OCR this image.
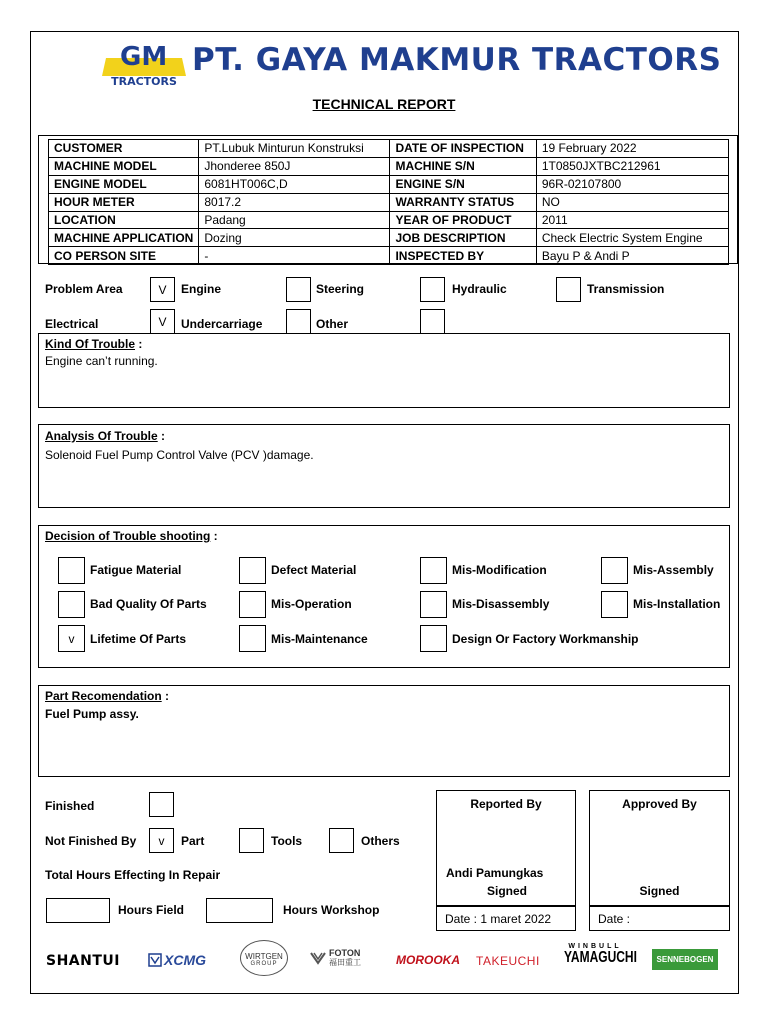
GM
TRACTORS
PT. GAYA MAKMUR TRACTORS
TECHNICAL REPORT
CUSTOMER	PT.Lubuk Minturun Konstruksi	DATE OF INSPECTION	19 February 2022
MACHINE MODEL	Jhonderee 850J	MACHINE S/N	1T0850JXTBC212961
ENGINE MODEL	6081HT006C,D	ENGINE S/N	96R-02107800
HOUR METER	8017.2	WARRANTY STATUS	NO
LOCATION	Padang	YEAR OF PRODUCT	2011
MACHINE APPLICATION	Dozing	JOB DESCRIPTION	Check Electric System Engine
CO PERSON SITE	-	INSPECTED BY	Bayu P & Andi P
Problem Area	V	Engine	Steering	Hydraulic	Transmission
Electrical	V	Undercarriage	Other
Kind Of Trouble :
Engine can’t running.
Analysis Of Trouble :
Solenoid Fuel Pump Control Valve (PCV )damage.
Decision of Trouble shooting :
Fatigue Material	Defect Material	Mis-Modification	Mis-Assembly
Bad Quality Of Parts	Mis-Operation	Mis-Disassembly	Mis-Installation
v	Lifetime Of Parts	Mis-Maintenance	Design Or Factory Workmanship
Part Recomendation :
Fuel Pump assy.
Finished
Not Finished By	v	Part	Tools	Others
Total Hours Effecting In Repair
Hours Field	Hours Workshop
Reported By
Andi Pamungkas
Signed
Date : 1 maret 2022
Approved By
Signed
Date :
SHANTUI	XCMG	WIRTGEN
GROUP
FOTON
福田重工	MOROOKA TAKEUCHI
WINBULL
YAMAGUCHI	SENNEBOGEN
